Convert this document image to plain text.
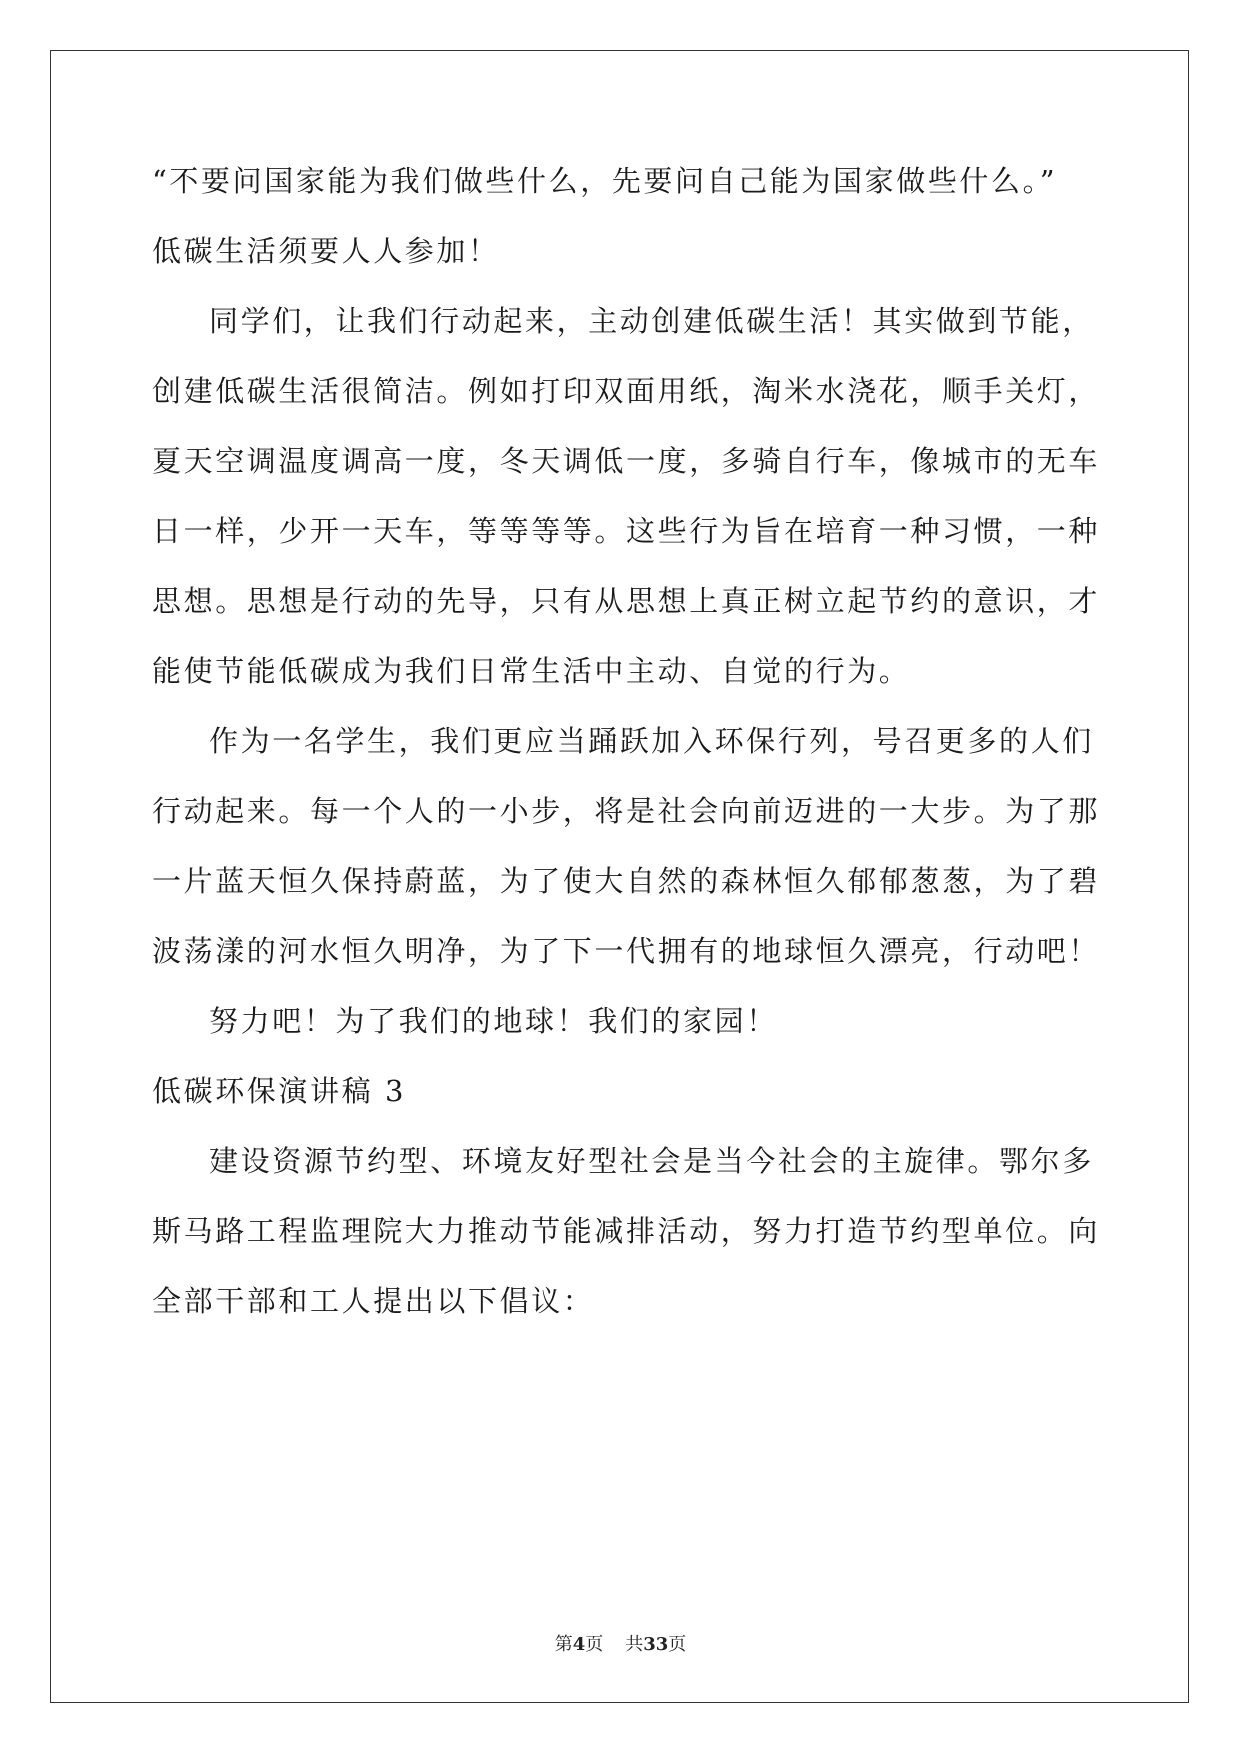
“不要问国家能为我们做些什么，先要问自己能为国家做些什么。”
低碳生活须要人人参加！
同学们，让我们行动起来，主动创建低碳生活！其实做到节能，
创建低碳生活很简洁。例如打印双面用纸，淘米水浇花，顺手关灯，
夏天空调温度调高一度，冬天调低一度，多骑自行车，像城市的无车
日一样，少开一天车，等等等等。这些行为旨在培育一种习惯，一种
思想。思想是行动的先导，只有从思想上真正树立起节约的意识，才
能使节能低碳成为我们日常生活中主动、自觉的行为。
作为一名学生，我们更应当踊跃加入环保行列，号召更多的人们
行动起来。每一个人的一小步，将是社会向前迈进的一大步。为了那
一片蓝天恒久保持蔚蓝，为了使大自然的森林恒久郁郁葱葱，为了碧
波荡漾的河水恒久明净，为了下一代拥有的地球恒久漂亮，行动吧！
努力吧！为了我们的地球！我们的家园！
低碳环保演讲稿 3
建设资源节约型、环境友好型社会是当今社会的主旋律。鄂尔多
斯马路工程监理院大力推动节能减排活动，努力打造节约型单位。向
全部干部和工人提出以下倡议：
第4页 共33页
